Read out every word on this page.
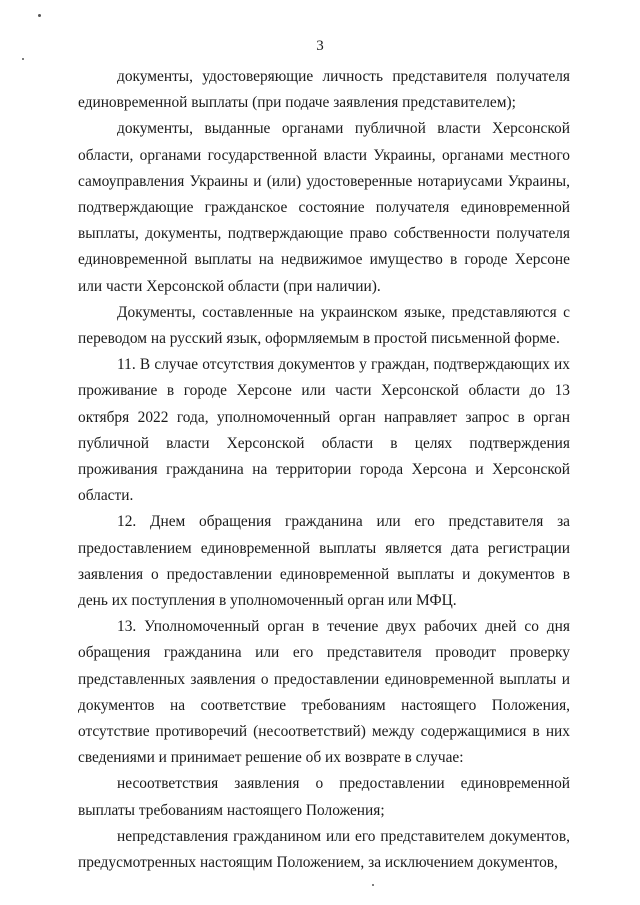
3

документы, удостоверяющие личность представителя получателя единовременной выплаты (при подаче заявления представителем);

документы, выданные органами публичной власти Херсонской области, органами государственной власти Украины, органами местного самоуправления Украины и (или) удостоверенные нотариусами Украины, подтверждающие гражданское состояние получателя единовременной выплаты, документы, подтверждающие право собственности получателя единовременной выплаты на недвижимое имущество в городе Херсоне или части Херсонской области (при наличии).

Документы, составленные на украинском языке, представляются с переводом на русский язык, оформляемым в простой письменной форме.

11. В случае отсутствия документов у граждан, подтверждающих их проживание в городе Херсоне или части Херсонской области до 13 октября 2022 года, уполномоченный орган направляет запрос в орган публичной власти Херсонской области в целях подтверждения проживания гражданина на территории города Херсона и Херсонской области.

12. Днем обращения гражданина или его представителя за предоставлением единовременной выплаты является дата регистрации заявления о предоставлении единовременной выплаты и документов в день их поступления в уполномоченный орган или МФЦ.

13. Уполномоченный орган в течение двух рабочих дней со дня обращения гражданина или его представителя проводит проверку представленных заявления о предоставлении единовременной выплаты и документов на соответствие требованиям настоящего Положения, отсутствие противоречий (несоответствий) между содержащимися в них сведениями и принимает решение об их возврате в случае:

несоответствия заявления о предоставлении единовременной выплаты требованиям настоящего Положения;

непредставления гражданином или его представителем документов, предусмотренных настоящим Положением, за исключением документов,
